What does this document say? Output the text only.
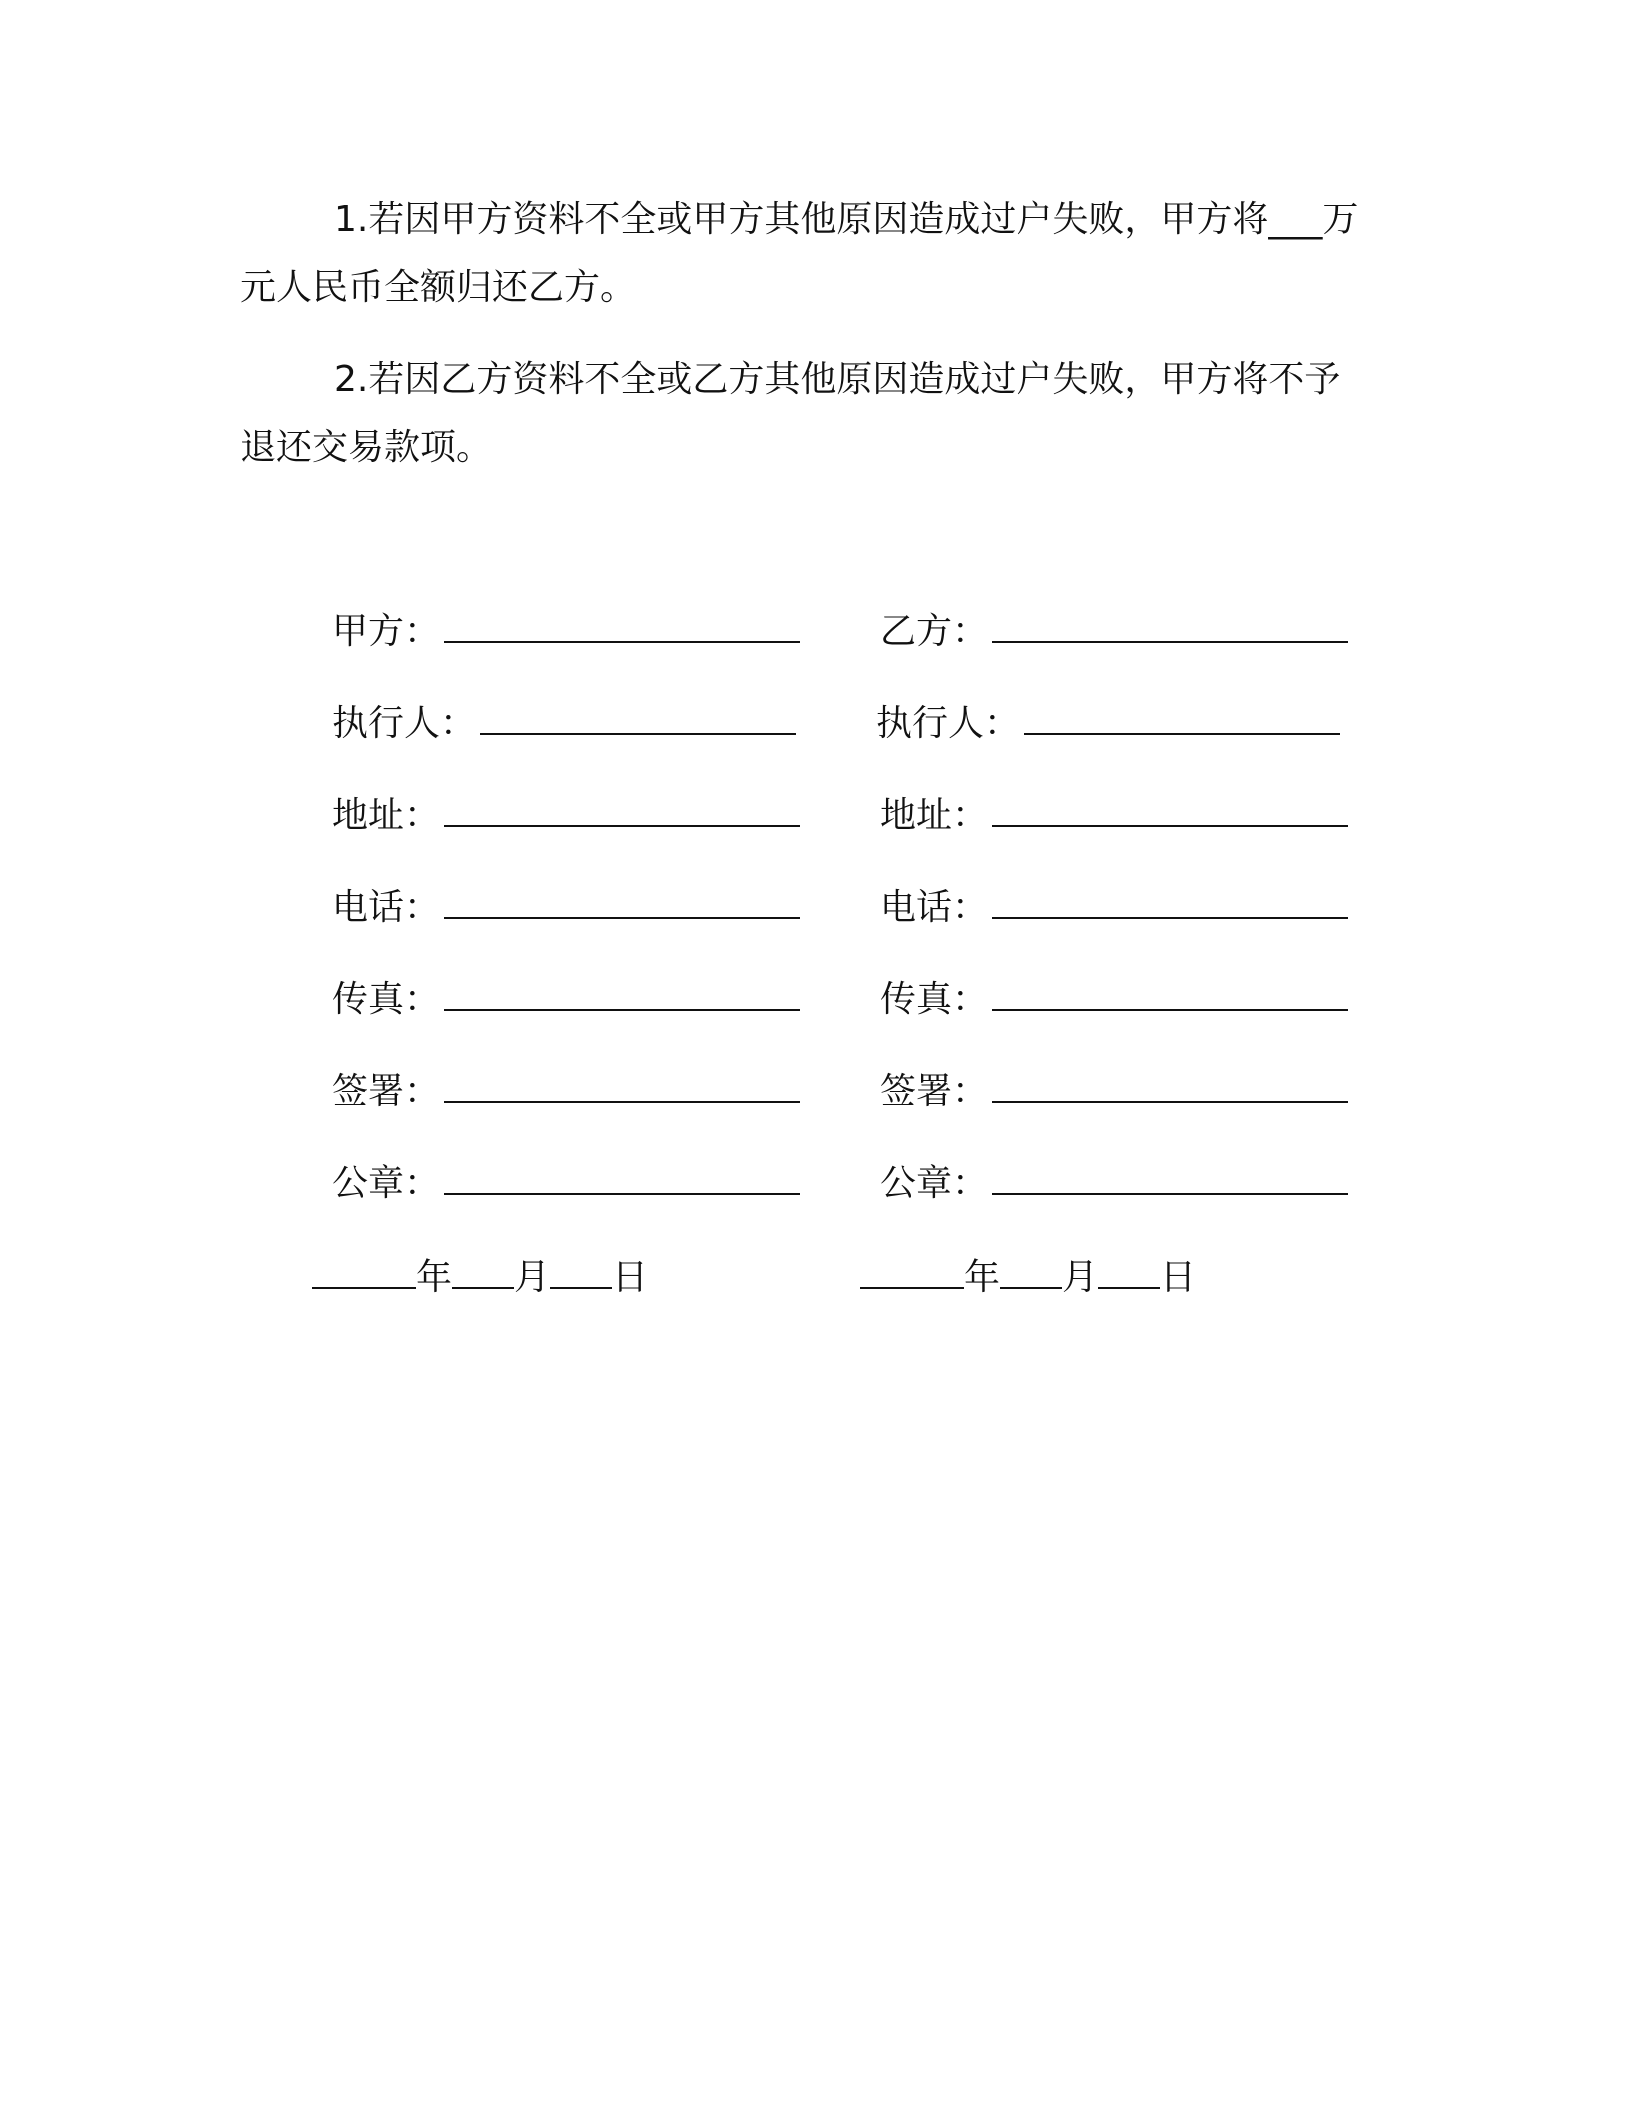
1.若因甲方资料不全或甲方其他原因造成过户失败，甲方将___万元人民币全额归还乙方。

2.若因乙方资料不全或乙方其他原因造成过户失败，甲方将不予退还交易款项。

甲方：
执行人：
地址：
电话：
传真：
签署：
公章：
年 月 日
乙方：
执行人：
地址：
电话：
传真：
签署：
公章：
年 月 日
